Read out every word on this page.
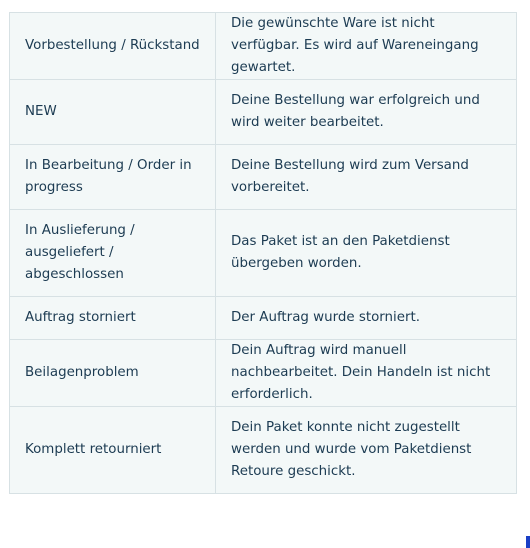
Vorbestellung / Rückstand	Die gewünschte Ware ist nicht verfügbar. Es wird auf Wareneingang gewartet.
NEW	Deine Bestellung war erfolgreich und wird weiter bearbeitet.
In Bearbeitung / Order in progress	Deine Bestellung wird zum Versand vorbereitet.
In Auslieferung / ausgeliefert / abgeschlossen	Das Paket ist an den Paketdienst übergeben worden.
Auftrag storniert	Der Auftrag wurde storniert.
Beilagenproblem	Dein Auftrag wird manuell nachbearbeitet. Dein Handeln ist nicht erforderlich.
Komplett retourniert	Dein Paket konnte nicht zugestellt werden und wurde vom Paketdienst Retoure geschickt.
